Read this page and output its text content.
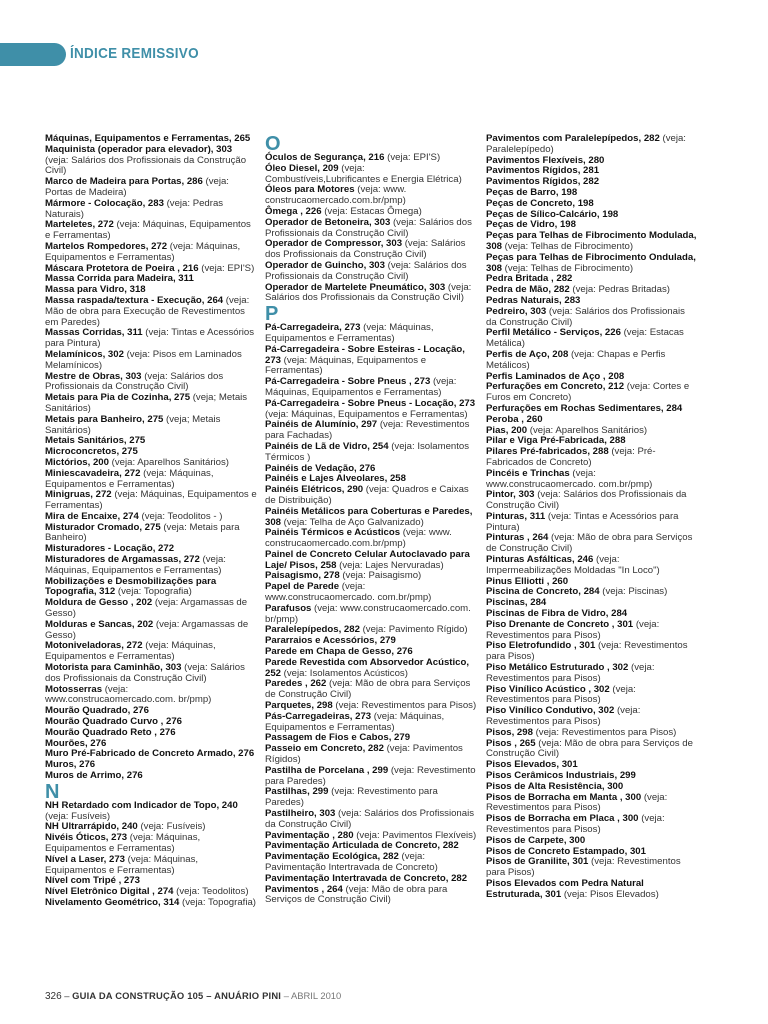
ÍNDICE REMISSIVO
Máquinas, Equipamentos e Ferramentas, 265
Maquinista (operador para elevador), 303 (veja: Salários dos Profissionais da Construção Civil)
Marco de Madeira para Portas, 286 (veja: Portas de Madeira)
Mármore - Colocação, 283 (veja: Pedras Naturais)
Marteletes, 272 (veja: Máquinas, Equipamentos e Ferramentas)
Martelos Rompedores, 272 (veja: Máquinas, Equipamentos e Ferramentas)
Máscara Protetora de Poeira , 216 (veja: EPI'S)
Massa Corrida para Madeira, 311
Massa para Vidro, 318
Massa raspada/textura - Execução, 264 (veja: Mão de obra para Execução de Revestimentos em Paredes)
Massas Corridas, 311 (veja: Tintas e Acessórios para Pintura)
Melamínicos, 302 (veja: Pisos em Laminados Melamínicos)
Mestre de Obras, 303 (veja: Salários dos Profissionais da Construção Civil)
Metais para Pia de Cozinha, 275 (veja; Metais Sanitários)
Metais para Banheiro, 275 (veja; Metais Sanitários)
Metais Sanitários, 275
Microconcretos, 275
Mictórios, 200 (veja: Aparelhos Sanitários)
Miniescavadeira, 272 (veja: Máquinas, Equipamentos e Ferramentas)
Minigruas, 272 (veja: Máquinas, Equipamentos e Ferramentas)
Mira de Encaixe, 274 (veja: Teodolitos - )
Misturador Cromado, 275 (veja: Metais para Banheiro)
Misturadores - Locação, 272
Misturadores de Argamassas, 272 (veja: Máquinas, Equipamentos e Ferramentas)
Mobilizações e Desmobilizações para Topografia, 312 (veja: Topografia)
Moldura de Gesso , 202 (veja: Argamassas de Gesso)
Molduras e Sancas, 202 (veja: Argamassas de Gesso)
Motoniveladoras, 272 (veja: Máquinas, Equipamentos e Ferramentas)
Motorista para Caminhão, 303 (veja: Salários dos Profissionais da Construção Civil)
Motosserras (veja: www.construcaomercado.com. br/pmp)
Mourão Quadrado, 276
Mourão Quadrado Curvo , 276
Mourão Quadrado Reto , 276
Mourões, 276
Muro Pré-Fabricado de Concreto Armado, 276
Muros, 276
Muros de Arrimo, 276
N
NH Retardado com Indicador de Topo, 240 (veja: Fusíveis)
NH Ultrarrápido, 240 (veja: Fusíveis)
Nivéis Óticos, 273 (veja: Máquinas, Equipamentos e Ferramentas)
Nível a Laser, 273 (veja: Máquinas, Equipamentos e Ferramentas)
Nível com Tripé , 273
Nível Eletrônico Digital , 274 (veja: Teodolitos)
Nivelamento Geométrico, 314 (veja: Topografia)
O
Óculos de Segurança, 216 (veja: EPI'S)
Óleo Diesel, 209 (veja: Combustíveis,Lubrificantes e Energia Elétrica)
Óleos para Motores (veja: www. construcaomercado.com.br/pmp)
Ômega , 226 (veja: Estacas Ômega)
Operador de Betoneira, 303 (veja: Salários dos Profissionais da Construção Civil)
Operador de Compressor, 303 (veja: Salários dos Profissionais da Construção Civil)
Operador de Guincho, 303 (veja: Salários dos Profissionais da Construção Civil)
Operador de Martelete Pneumático, 303 (veja: Salários dos Profissionais da Construção Civil)
P
Pá-Carregadeira, 273 (veja: Máquinas, Equipamentos e Ferramentas)
Pá-Carregadeira - Sobre Esteiras - Locação, 273 (veja: Máquinas, Equipamentos e Ferramentas)
Pá-Carregadeira - Sobre Pneus , 273 (veja: Máquinas, Equipamentos e Ferramentas)
Pá-Carregadeira - Sobre Pneus - Locação, 273 (veja: Máquinas, Equipamentos e Ferramentas)
Painéis de Alumínio, 297 (veja: Revestimentos para Fachadas)
Painéis de Lã de Vidro, 254 (veja: Isolamentos Térmicos )
Painéis de Vedação, 276
Painéis e Lajes Alveolares, 258
Painéis Elétricos, 290 (veja: Quadros e Caixas de Distribuição)
Painéis Metálicos para Coberturas e Paredes, 308 (veja: Telha de Aço Galvanizado)
Painéis Térmicos e Acústicos (veja: www. construcaomercado.com.br/pmp)
Painel de Concreto Celular Autoclavado para Laje/ Pisos, 258 (veja: Lajes Nervuradas)
Paisagismo, 278 (veja: Paisagismo)
Papel de Parede (veja: www.construcaomercado. com.br/pmp)
Parafusos (veja: www.construcaomercado.com. br/pmp)
Paralelepípedos, 282 (veja: Pavimento Rígido)
Pararraios e Acessórios, 279
Parede em Chapa de Gesso, 276
Parede Revestida com Absorvedor Acústico, 252 (veja: Isolamentos Acústicos)
Paredes , 262 (veja: Mão de obra para Serviços de Construção Civil)
Parquetes, 298 (veja: Revestimentos para Pisos)
Pás-Carregadeiras, 273 (veja: Máquinas, Equipamentos e Ferramentas)
Passagem de Fios e Cabos, 279
Passeio em Concreto, 282 (veja: Pavimentos Rígidos)
Pastilha de Porcelana , 299 (veja: Revestimento para Paredes)
Pastilhas, 299 (veja: Revestimento para Paredes)
Pastilheiro, 303 (veja: Salários dos Profissionais da Construção Civil)
Pavimentação , 280 (veja: Pavimentos Flexíveis)
Pavimentação Articulada de Concreto, 282
Pavimentação Ecológica, 282 (veja: Pavimentação Intertravada de Concreto)
Pavimentação Intertravada de Concreto, 282
Pavimentos , 264 (veja: Mão de obra para Serviços de Construção Civil)
Pavimentos com Paralelepípedos, 282 (veja: Paralelepípedo)
Pavimentos Flexíveis, 280
Pavimentos Rígidos, 281
Pavimentos Rígidos, 282
Peças de Barro, 198
Peças de Concreto, 198
Peças de Sílico-Calcário, 198
Peças de Vidro, 198
Peças para Telhas de Fibrocimento Modulada, 308 (veja: Telhas de Fibrocimento)
Peças para Telhas de Fibrocimento Ondulada, 308 (veja: Telhas de Fibrocimento)
Pedra Britada , 282
Pedra de Mão, 282 (veja: Pedras Britadas)
Pedras Naturais, 283
Pedreiro, 303 (veja: Salários dos Profissionais da Construção Civil)
Perfil Metálico - Serviços, 226 (veja: Estacas Metálica)
Perfis de Aço, 208 (veja: Chapas e Perfis Metálicos)
Perfis Laminados de Aço , 208
Perfurações em Concreto, 212 (veja: Cortes e Furos em Concreto)
Perfurações em Rochas Sedimentares, 284
Peroba , 260
Pias, 200 (veja: Aparelhos Sanitários)
Pilar e Viga Pré-Fabricada, 288
Pilares Pré-fabricados, 288 (veja: Pré-Fabricados de Concreto)
Pincéis e Trinchas (veja: www.construcaomercado. com.br/pmp)
Pintor, 303 (veja: Salários dos Profissionais da Construção Civil)
Pinturas, 311 (veja: Tintas e Acessórios para Pintura)
Pinturas , 264 (veja: Mão de obra para Serviços de Construção Civil)
Pinturas Asfálticas, 246 (veja: Impermeabilizações Moldadas "In Loco")
Pinus Elliotti , 260
Piscina de Concreto, 284 (veja: Piscinas)
Piscinas, 284
Piscinas de Fibra de Vidro, 284
Piso Drenante de Concreto , 301 (veja: Revestimentos para Pisos)
Piso Eletrofundido , 301 (veja: Revestimentos para Pisos)
Piso Metálico Estruturado , 302 (veja: Revestimentos para Pisos)
Piso Vinílico Acústico , 302 (veja: Revestimentos para Pisos)
Piso Vinílico Condutivo, 302 (veja: Revestimentos para Pisos)
Pisos, 298 (veja: Revestimentos para Pisos)
Pisos , 265 (veja: Mão de obra para Serviços de Construção Civil)
Pisos Elevados, 301
Pisos Cerâmicos Industriais, 299
Pisos de Alta Resistência, 300
Pisos de Borracha em Manta , 300 (veja: Revestimentos para Pisos)
Pisos de Borracha em Placa , 300 (veja: Revestimentos para Pisos)
Pisos de Carpete, 300
Pisos de Concreto Estampado, 301
Pisos de Granilite, 301 (veja: Revestimentos para Pisos)
Pisos Elevados com Pedra Natural Estruturada, 301 (veja: Pisos Elevados)
326 – GUIA DA CONSTRUÇÃO 105 – ANUÁRIO PINI – ABRIL 2010
